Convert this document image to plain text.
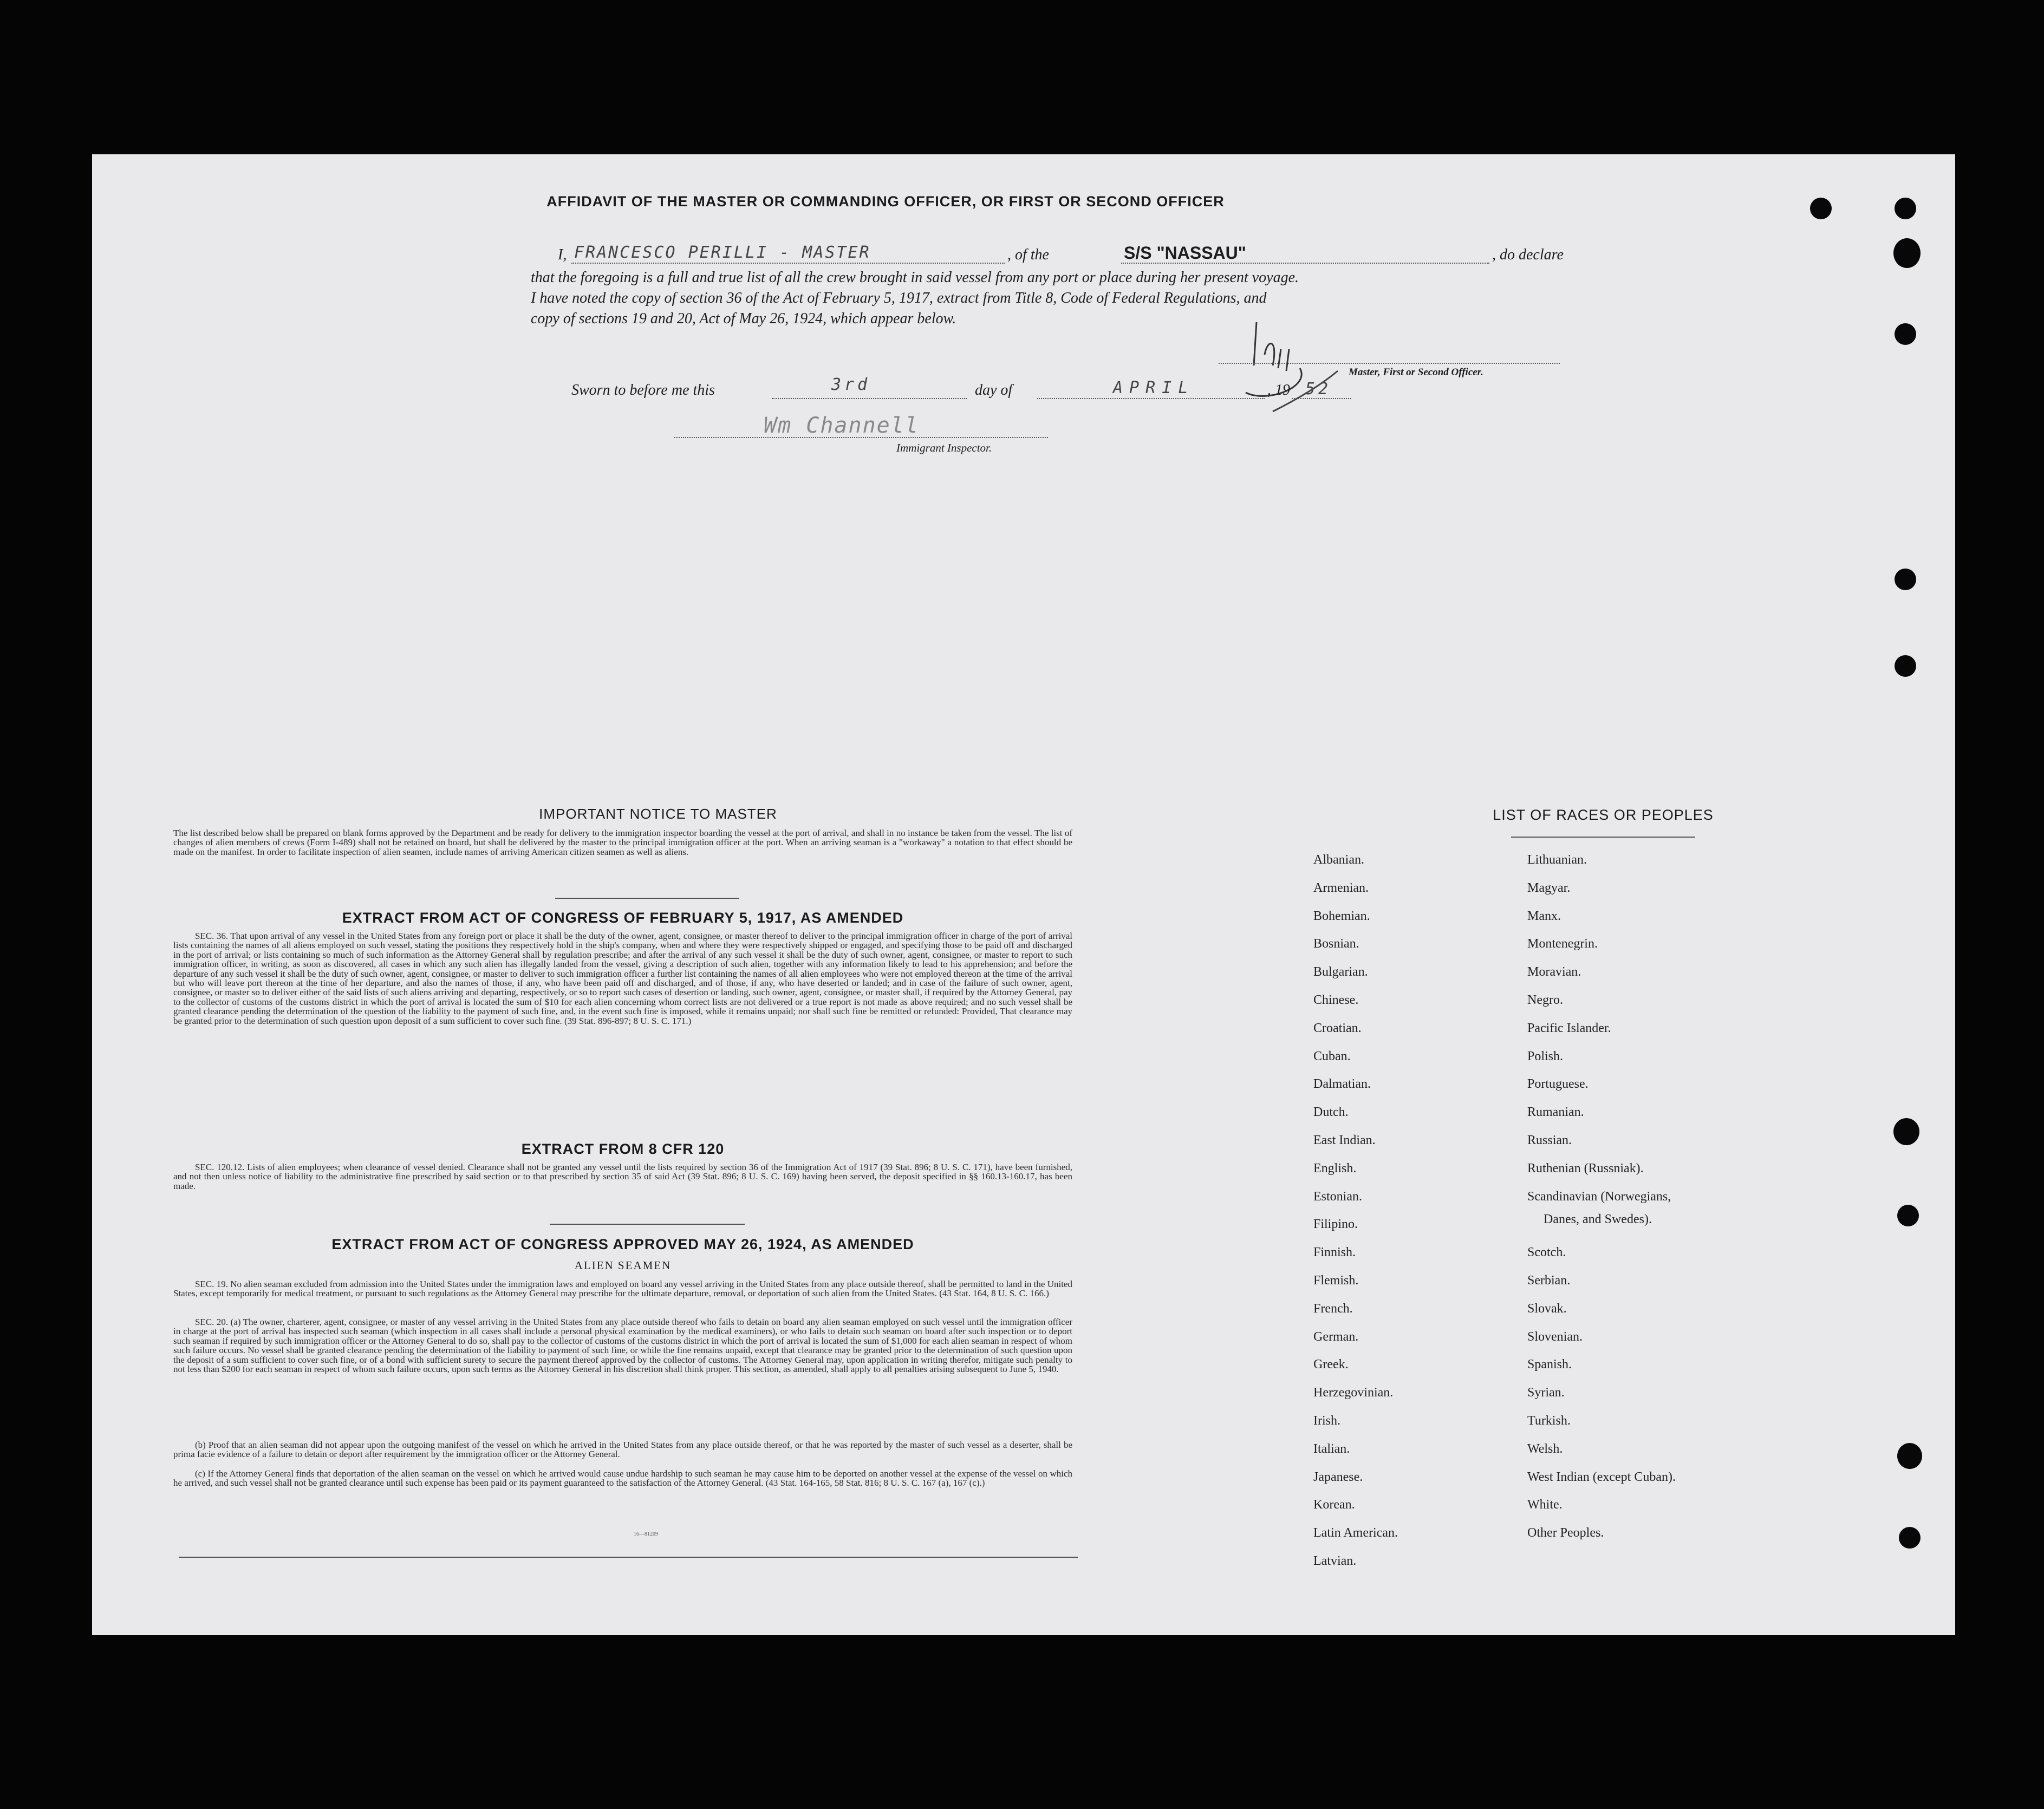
AFFIDAVIT OF THE MASTER OR COMMANDING OFFICER, OR FIRST OR SECOND OFFICER
I, FRANCESCO PERILLI - MASTER	, of the	S/S "NASSAU"	, do declare
that the foregoing is a full and true list of all the crew brought in said vessel from any port or place during her present voyage.
I have noted the copy of section 36 of the Act of February 5, 1917, extract from Title 8, Code of Federal Regulations, and
copy of sections 19 and 20, Act of May 26, 1924, which appear below.
Master, First or Second Officer.
Sworn to before me this	3rd	day of	APRIL	, 19 52
Wm Channell
Immigrant Inspector.
IMPORTANT NOTICE TO MASTER
The list described below shall be prepared on blank forms approved by the Department and be ready for delivery to the immigration inspector boarding the vessel at the port of arrival, and shall in no instance be taken from the vessel. The list of changes of alien members of crews (Form I-489) shall not be retained on board, but shall be delivered by the master to the principal immigration officer at the port. When an arriving seaman is a "workaway" a notation to that effect should be made on the manifest. In order to facilitate inspection of alien seamen, include names of arriving American citizen seamen as well as aliens.
EXTRACT FROM ACT OF CONGRESS OF FEBRUARY 5, 1917, AS AMENDED
SEC. 36. That upon arrival of any vessel in the United States from any foreign port or place it shall be the duty of the owner, agent, consignee, or master thereof to deliver to the principal immigration officer in charge of the port of arrival lists containing the names of all aliens employed on such vessel, stating the positions they respectively hold in the ship's company, when and where they were respectively shipped or engaged, and specifying those to be paid off and discharged in the port of arrival; or lists containing so much of such information as the Attorney General shall by regulation prescribe; and after the arrival of any such vessel it shall be the duty of such owner, agent, consignee, or master to report to such immigration officer, in writing, as soon as discovered, all cases in which any such alien has illegally landed from the vessel, giving a description of such alien, together with any information likely to lead to his apprehension; and before the departure of any such vessel it shall be the duty of such owner, agent, consignee, or master to deliver to such immigration officer a further list containing the names of all alien employees who were not employed thereon at the time of the arrival but who will leave port thereon at the time of her departure, and also the names of those, if any, who have been paid off and discharged, and of those, if any, who have deserted or landed; and in case of the failure of such owner, agent, consignee, or master so to deliver either of the said lists of such aliens arriving and departing, respectively, or so to report such cases of desertion or landing, such owner, agent, consignee, or master shall, if required by the Attorney General, pay to the collector of customs of the customs district in which the port of arrival is located the sum of $10 for each alien concerning whom correct lists are not delivered or a true report is not made as above required; and no such vessel shall be granted clearance pending the determination of the question of the liability to the payment of such fine, and, in the event such fine is imposed, while it remains unpaid; nor shall such fine be remitted or refunded: Provided, That clearance may be granted prior to the determination of such question upon deposit of a sum sufficient to cover such fine. (39 Stat. 896-897; 8 U. S. C. 171.)
EXTRACT FROM 8 CFR 120
SEC. 120.12. Lists of alien employees; when clearance of vessel denied. Clearance shall not be granted any vessel until the lists required by section 36 of the Immigration Act of 1917 (39 Stat. 896; 8 U. S. C. 171), have been furnished, and not then unless notice of liability to the administrative fine prescribed by said section or to that prescribed by section 35 of said Act (39 Stat. 896; 8 U. S. C. 169) having been served, the deposit specified in §§ 160.13-160.17, has been made.
EXTRACT FROM ACT OF CONGRESS APPROVED MAY 26, 1924, AS AMENDED
ALIEN SEAMEN
SEC. 19. No alien seaman excluded from admission into the United States under the immigration laws and employed on board any vessel arriving in the United States from any place outside thereof, shall be permitted to land in the United States, except temporarily for medical treatment, or pursuant to such regulations as the Attorney General may prescribe for the ultimate departure, removal, or deportation of such alien from the United States. (43 Stat. 164, 8 U. S. C. 166.)
SEC. 20. (a) The owner, charterer, agent, consignee, or master of any vessel arriving in the United States from any place outside thereof who fails to detain on board any alien seaman employed on such vessel until the immigration officer in charge at the port of arrival has inspected such seaman (which inspection in all cases shall include a personal physical examination by the medical examiners), or who fails to detain such seaman on board after such inspection or to deport such seaman if required by such immigration officer or the Attorney General to do so, shall pay to the collector of customs of the customs district in which the port of arrival is located the sum of $1,000 for each alien seaman in respect of whom such failure occurs. No vessel shall be granted clearance pending the determination of the liability to payment of such fine, or while the fine remains unpaid, except that clearance may be granted prior to the determination of such question upon the deposit of a sum sufficient to cover such fine, or of a bond with sufficient surety to secure the payment thereof approved by the collector of customs. The Attorney General may, upon application in writing therefor, mitigate such penalty to not less than $200 for each seaman in respect of whom such failure occurs, upon such terms as the Attorney General in his discretion shall think proper. This section, as amended, shall apply to all penalties arising subsequent to June 5, 1940.
(b) Proof that an alien seaman did not appear upon the outgoing manifest of the vessel on which he arrived in the United States from any place outside thereof, or that he was reported by the master of such vessel as a deserter, shall be prima facie evidence of a failure to detain or deport after requirement by the immigration officer or the Attorney General.
(c) If the Attorney General finds that deportation of the alien seaman on the vessel on which he arrived would cause undue hardship to such seaman he may cause him to be deported on another vessel at the expense of the vessel on which he arrived, and such vessel shall not be granted clearance until such expense has been paid or its payment guaranteed to the satisfaction of the Attorney General. (43 Stat. 164-165, 58 Stat. 816; 8 U. S. C. 167 (a), 167 (c).)
16—81209
LIST OF RACES OR PEOPLES
Albanian.
Armenian.
Bohemian.
Bosnian.
Bulgarian.
Chinese.
Croatian.
Cuban.
Dalmatian.
Dutch.
East Indian.
English.
Estonian.
Filipino.
Finnish.
Flemish.
French.
German.
Greek.
Herzegovinian.
Irish.
Italian.
Japanese.
Korean.
Latin American.
Latvian.
Lithuanian.
Magyar.
Manx.
Montenegrin.
Moravian.
Negro.
Pacific Islander.
Polish.
Portuguese.
Rumanian.
Russian.
Ruthenian (Russniak).
Scandinavian (Norwegians,
Scotch.
Serbian.
Slovak.
Slovenian.
Spanish.
Syrian.
Turkish.
Welsh.
West Indian (except Cuban).
White.
Other Peoples.
Danes, and Swedes).
